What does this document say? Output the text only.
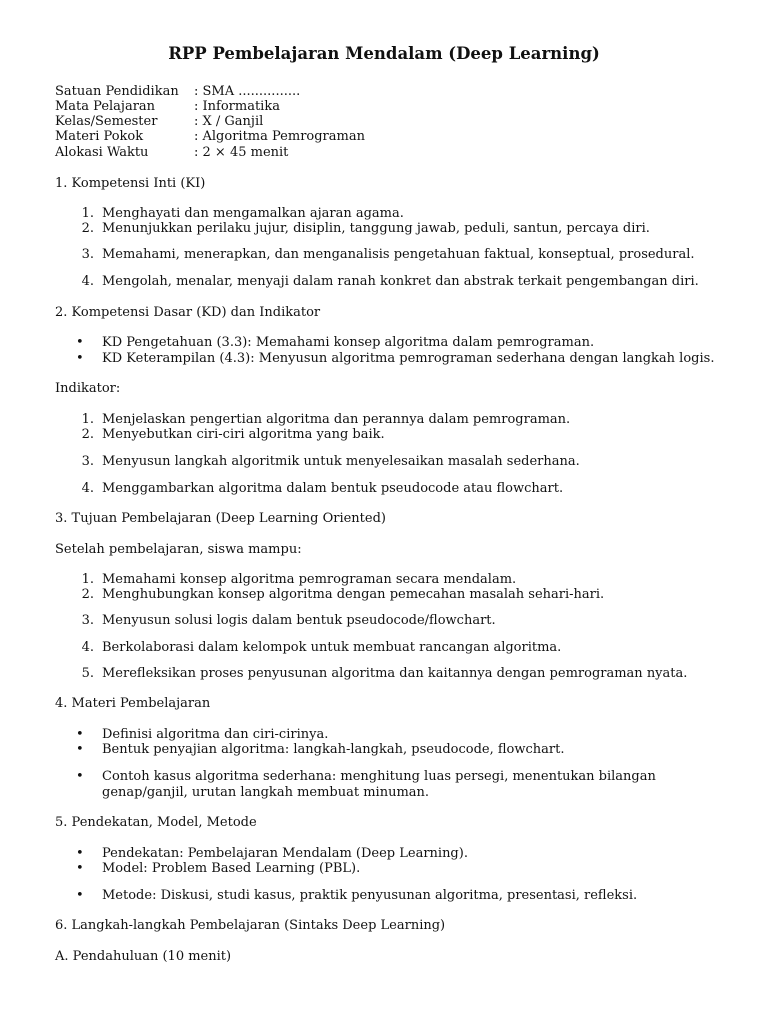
RPP Pembelajaran Mendalam (Deep Learning)
Satuan Pendidikan : SMA ...............
Mata Pelajaran	: Informatika
Kelas/Semester	: X / Ganjil
Materi Pokok	: Algoritma Pemrograman
Alokasi Waktu	: 2 × 45 menit
1. Kompetensi Inti (KI)
1. Menghayati dan mengamalkan ajaran agama.
2. Menunjukkan perilaku jujur, disiplin, tanggung jawab, peduli, santun, percaya diri.
3. Memahami, menerapkan, dan menganalisis pengetahuan faktual, konseptual, prosedural.
4. Mengolah, menalar, menyaji dalam ranah konkret dan abstrak terkait pengembangan diri.
2. Kompetensi Dasar (KD) dan Indikator
• KD Pengetahuan (3.3): Memahami konsep algoritma dalam pemrograman.
• KD Keterampilan (4.3): Menyusun algoritma pemrograman sederhana dengan langkah logis.
Indikator:
1. Menjelaskan pengertian algoritma dan perannya dalam pemrograman.
2. Menyebutkan ciri-ciri algoritma yang baik.
3. Menyusun langkah algoritmik untuk menyelesaikan masalah sederhana.
4. Menggambarkan algoritma dalam bentuk pseudocode atau flowchart.
3. Tujuan Pembelajaran (Deep Learning Oriented)
Setelah pembelajaran, siswa mampu:
1. Memahami konsep algoritma pemrograman secara mendalam.
2. Menghubungkan konsep algoritma dengan pemecahan masalah sehari-hari.
3. Menyusun solusi logis dalam bentuk pseudocode/flowchart.
4. Berkolaborasi dalam kelompok untuk membuat rancangan algoritma.
5. Merefleksikan proses penyusunan algoritma dan kaitannya dengan pemrograman nyata.
4. Materi Pembelajaran
• Definisi algoritma dan ciri-cirinya.
• Bentuk penyajian algoritma: langkah-langkah, pseudocode, flowchart.
• Contoh kasus algoritma sederhana: menghitung luas persegi, menentukan bilangan
genap/ganjil, urutan langkah membuat minuman.
5. Pendekatan, Model, Metode
• Pendekatan: Pembelajaran Mendalam (Deep Learning).
• Model: Problem Based Learning (PBL).
• Metode: Diskusi, studi kasus, praktik penyusunan algoritma, presentasi, refleksi.
6. Langkah-langkah Pembelajaran (Sintaks Deep Learning)
A. Pendahuluan (10 menit)
